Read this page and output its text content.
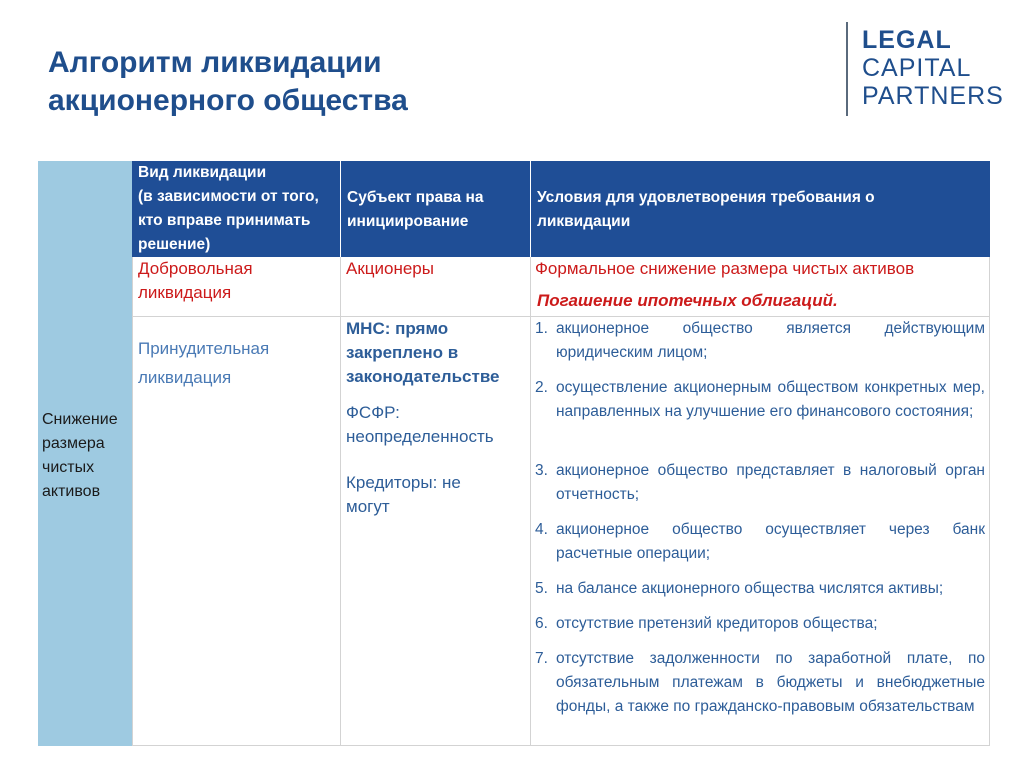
Алгоритм ликвидации
акционерного общества
LEGAL
CAPITAL
PARTNERS
Снижение
размера
чистых
активов
Вид ликвидации
(в зависимости от того,
кто вправе принимать
решение)
Субъект права на
инициирование
Условия для удовлетворения требования о
ликвидации
Добровольная
ликвидация
Акционеры	Формальное снижение размера чистых активов
Погашение ипотечных облигаций.
Принудительная
ликвидация
МНС: прямо
закреплено в
законодательстве
ФСФР:
неопределенность
Кредиторы: не
могут
1. акционерное общество является действующим юридическим лицом;
2. осуществление акционерным обществом конкретных мер, направленных на улучшение его финансового состояния;
3. акционерное общество представляет в налоговый орган отчетность;
4. акционерное общество осуществляет через банк расчетные операции;
5. на балансе акционерного общества числятся активы;
6. отсутствие претензий кредиторов общества;
7. отсутствие задолженности по заработной плате, по обязательным платежам в бюджеты и внебюджетные фонды, а также по гражданско-правовым обязательствам
